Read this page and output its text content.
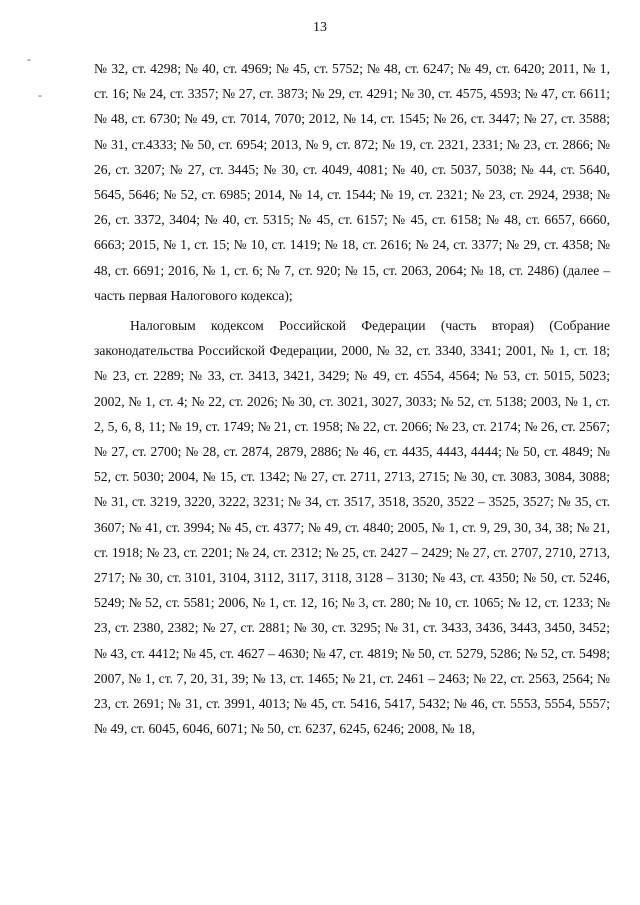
13
-
-

№ 32, ст. 4298; № 40, ст. 4969; № 45, ст. 5752; № 48, ст. 6247; № 49, ст. 6420; 2011, № 1, ст. 16; № 24, ст. 3357; № 27, ст. 3873; № 29, ст. 4291; № 30, ст. 4575, 4593; № 47, ст. 6611; № 48, ст. 6730; № 49, ст. 7014, 7070; 2012, № 14, ст. 1545; № 26, ст. 3447; № 27, ст. 3588; № 31, ст.4333; № 50, ст. 6954; 2013, № 9, ст. 872; № 19, ст. 2321, 2331; № 23, ст. 2866; № 26, ст. 3207; № 27, ст. 3445; № 30, ст. 4049, 4081; № 40, ст. 5037, 5038; № 44, ст. 5640, 5645, 5646; № 52, ст. 6985; 2014, № 14, ст. 1544; № 19, ст. 2321; № 23, ст. 2924, 2938; № 26, ст. 3372, 3404; № 40, ст. 5315; № 45, ст. 6157; № 45, ст. 6158; № 48, ст. 6657, 6660, 6663; 2015, № 1, ст. 15; № 10, ст. 1419; № 18, ст. 2616; № 24, ст. 3377; № 29, ст. 4358; № 48, ст. 6691; 2016, № 1, ст. 6; № 7, ст. 920; № 15, ст. 2063, 2064; № 18, ст. 2486) (далее – часть первая Налогового кодекса);

Налоговым кодексом Российской Федерации (часть вторая) (Собрание законодательства Российской Федерации, 2000, № 32, ст. 3340, 3341; 2001, № 1, ст. 18; № 23, ст. 2289; № 33, ст. 3413, 3421, 3429; № 49, ст. 4554, 4564; № 53, ст. 5015, 5023; 2002, № 1, ст. 4; № 22, ст. 2026; № 30, ст. 3021, 3027, 3033; № 52, ст. 5138; 2003, № 1, ст. 2, 5, 6, 8, 11; № 19, ст. 1749; № 21, ст. 1958; № 22, ст. 2066; № 23, ст. 2174; № 26, ст. 2567; № 27, ст. 2700; № 28, ст. 2874, 2879, 2886; № 46, ст. 4435, 4443, 4444; № 50, ст. 4849; № 52, ст. 5030; 2004, № 15, ст. 1342; № 27, ст. 2711, 2713, 2715; № 30, ст. 3083, 3084, 3088; № 31, ст. 3219, 3220, 3222, 3231; № 34, ст. 3517, 3518, 3520, 3522 – 3525, 3527; № 35, ст. 3607; № 41, ст. 3994; № 45, ст. 4377; № 49, ст. 4840; 2005, № 1, ст. 9, 29, 30, 34, 38; № 21, ст. 1918; № 23, ст. 2201; № 24, ст. 2312; № 25, ст. 2427 – 2429; № 27, ст. 2707, 2710, 2713, 2717; № 30, ст. 3101, 3104, 3112, 3117, 3118, 3128 – 3130; № 43, ст. 4350; № 50, ст. 5246, 5249; № 52, ст. 5581; 2006, № 1, ст. 12, 16; № 3, ст. 280; № 10, ст. 1065; № 12, ст. 1233; № 23, ст. 2380, 2382; № 27, ст. 2881; № 30, ст. 3295; № 31, ст. 3433, 3436, 3443, 3450, 3452; № 43, ст. 4412; № 45, ст. 4627 – 4630; № 47, ст. 4819; № 50, ст. 5279, 5286; № 52, ст. 5498; 2007, № 1, ст. 7, 20, 31, 39; № 13, ст. 1465; № 21, ст. 2461 – 2463; № 22, ст. 2563, 2564; № 23, ст. 2691; № 31, ст. 3991, 4013; № 45, ст. 5416, 5417, 5432; № 46, ст. 5553, 5554, 5557; № 49, ст. 6045, 6046, 6071; № 50, ст. 6237, 6245, 6246; 2008, № 18,
